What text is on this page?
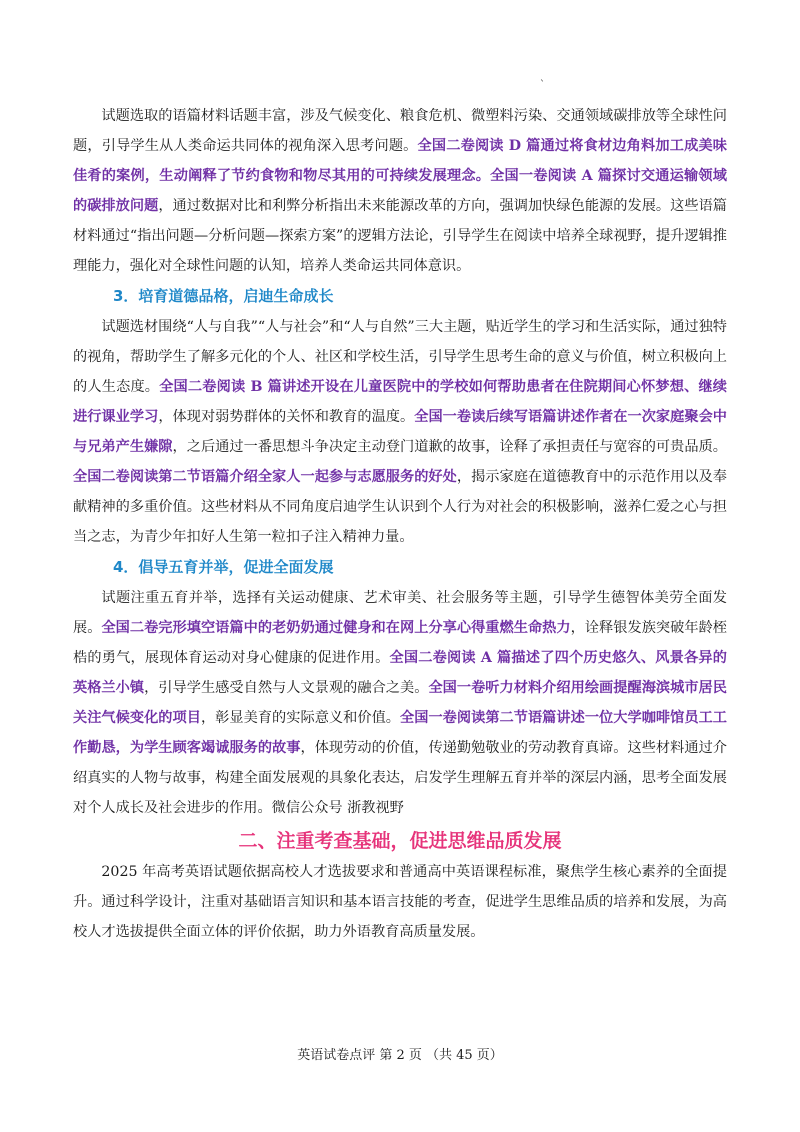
ˋ

试题选取的语篇材料话题丰富，涉及气候变化、粮食危机、微塑料污染、交通领域碳排放等全球性问题，引导学生从人类命运共同体的视角深入思考问题。全国二卷阅读 D 篇通过将食材边角料加工成美味佳肴的案例，生动阐释了节约食物和物尽其用的可持续发展理念。全国一卷阅读 A 篇探讨交通运输领域的碳排放问题，通过数据对比和利弊分析指出未来能源改革的方向，强调加快绿色能源的发展。这些语篇材料通过“指出问题—分析问题—探索方案”的逻辑方法论，引导学生在阅读中培养全球视野，提升逻辑推理能力，强化对全球性问题的认知，培养人类命运共同体意识。

3．培育道德品格，启迪生命成长

试题选材围绕“人与自我”“人与社会”和“人与自然”三大主题，贴近学生的学习和生活实际，通过独特的视角，帮助学生了解多元化的个人、社区和学校生活，引导学生思考生命的意义与价值，树立积极向上的人生态度。全国二卷阅读 B 篇讲述开设在儿童医院中的学校如何帮助患者在住院期间心怀梦想、继续进行课业学习，体现对弱势群体的关怀和教育的温度。全国一卷读后续写语篇讲述作者在一次家庭聚会中与兄弟产生嫌隙，之后通过一番思想斗争决定主动登门道歉的故事，诠释了承担责任与宽容的可贵品质。全国二卷阅读第二节语篇介绍全家人一起参与志愿服务的好处，揭示家庭在道德教育中的示范作用以及奉献精神的多重价值。这些材料从不同角度启迪学生认识到个人行为对社会的积极影响，滋养仁爱之心与担当之志，为青少年扣好人生第一粒扣子注入精神力量。

4．倡导五育并举，促进全面发展

试题注重五育并举，选择有关运动健康、艺术审美、社会服务等主题，引导学生德智体美劳全面发展。全国二卷完形填空语篇中的老奶奶通过健身和在网上分享心得重燃生命热力，诠释银发族突破年龄桎梏的勇气，展现体育运动对身心健康的促进作用。全国二卷阅读 A 篇描述了四个历史悠久、风景各异的英格兰小镇，引导学生感受自然与人文景观的融合之美。全国一卷听力材料介绍用绘画提醒海滨城市居民关注气候变化的项目，彰显美育的实际意义和价值。全国一卷阅读第二节语篇讲述一位大学咖啡馆员工工作勤恳，为学生顾客竭诚服务的故事，体现劳动的价值，传递勤勉敬业的劳动教育真谛。这些材料通过介绍真实的人物与故事，构建全面发展观的具象化表达，启发学生理解五育并举的深层内涵，思考全面发展对个人成长及社会进步的作用。微信公众号 浙教视野

二、注重考查基础，促进思维品质发展

2025 年高考英语试题依据高校人才选拔要求和普通高中英语课程标准，聚焦学生核心素养的全面提升。通过科学设计，注重对基础语言知识和基本语言技能的考查，促进学生思维品质的培养和发展，为高校人才选拔提供全面立体的评价依据，助力外语教育高质量发展。

英语试卷点评 第 2 页 （共 45 页）
